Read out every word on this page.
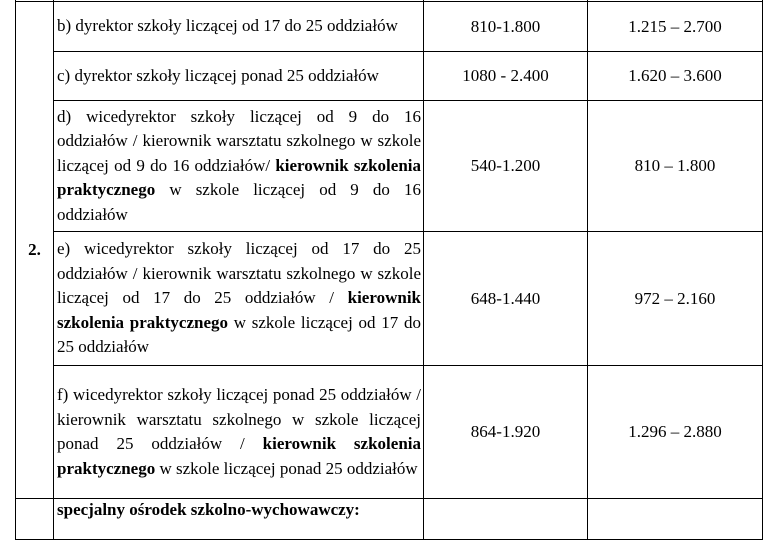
2.	b) dyrektor szkoły liczącej od 17 do 25 oddziałów	810-1.800	1.215 – 2.700

	c) dyrektor szkoły liczącej ponad 25 oddziałów	1080 - 2.400	1.620 – 3.600

	d) wicedyrektor szkoły liczącej od 9 do 16 oddziałów / kierownik warsztatu szkolnego w szkole liczącej od 9 do 16 oddziałów/ kierownik szkolenia praktycznego w szkole liczącej od 9 do 16 oddziałów	540-1.200	810 – 1.800

	e) wicedyrektor szkoły liczącej od 17 do 25 oddziałów / kierownik warsztatu szkolnego w szkole liczącej od 17 do 25 oddziałów / kierownik szkolenia praktycznego w szkole liczącej od 17 do 25 oddziałów	648-1.440	972 – 2.160

	f) wicedyrektor szkoły liczącej ponad 25 oddziałów / kierownik warsztatu szkolnego w szkole liczącej ponad 25 oddziałów / kierownik szkolenia praktycznego w szkole liczącej ponad 25 oddziałów	864-1.920	1.296 – 2.880

	specjalny ośrodek szkolno-wychowawczy:		
